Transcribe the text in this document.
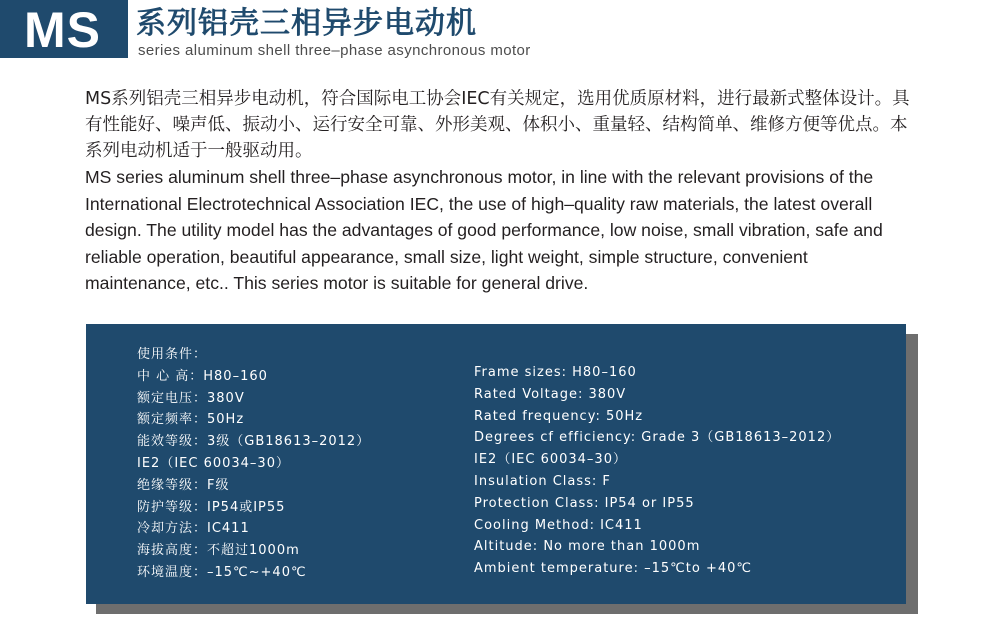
MS 系列铝壳三相异步电动机
series aluminum shell three–phase asynchronous motor

MS系列铝壳三相异步电动机，符合国际电工协会IEC有关规定，选用优质原材料，进行最新式整体设计。具有性能好、噪声低、振动小、运行安全可靠、外形美观、体积小、重量轻、结构简单、维修方便等优点。本系列电动机适于一般驱动用。

MS series aluminum shell three–phase asynchronous motor, in line with the relevant provisions of the International Electrotechnical Association IEC, the use of high–quality raw materials, the latest overall design. The utility model has the advantages of good performance, low noise, small vibration, safe and reliable operation, beautiful appearance, small size, light weight, simple structure, convenient maintenance, etc.. This series motor is suitable for general drive.

使用条件：
中 心 高：H80–160
额定电压：380V
额定频率：50Hz
能效等级：3级（GB18613–2012）
IE2（IEC 60034–30）
绝缘等级：F级
防护等级：IP54或IP55
冷却方法：IC411
海拔高度：不超过1000m
环境温度：–15℃~+40℃
Frame sizes: H80–160
Rated Voltage: 380V
Rated frequency: 50Hz
Degrees cf efficiency: Grade 3（GB18613–2012）
IE2（IEC 60034–30）
Insulation Class: F
Protection Class: IP54 or IP55
Cooling Method: IC411
Altitude: No more than 1000m
Ambient temperature: –15℃to +40℃
